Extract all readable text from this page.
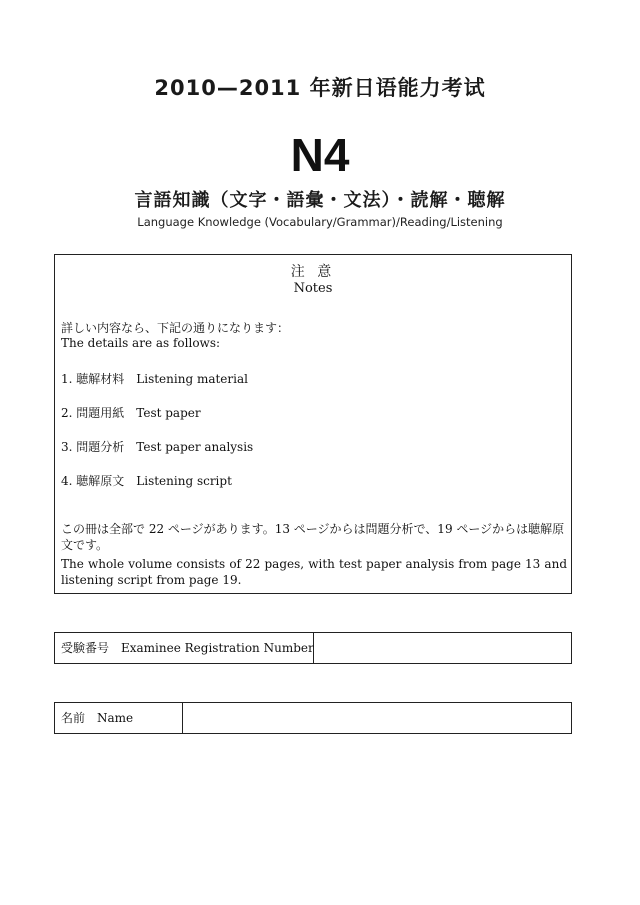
2010—2011 年新日语能力考试
N4
言語知識（文字・語彙・文法）・読解・聴解
Language Knowledge (Vocabulary/Grammar)/Reading/Listening
注 意
Notes
詳しい内容なら、下記の通りになります：
The details are as follows:
1. 聴解材料　Listening material
2. 問題用紙　Test paper
3. 問題分析　Test paper analysis
4. 聴解原文　Listening script
この冊は全部で 22 ページがあります。13 ページからは問題分析で、19 ページからは聴解原文です。
The whole volume consists of 22 pages, with test paper analysis from page 13 and listening script from page 19.
受験番号　Examinee Registration Number
名前　Name
